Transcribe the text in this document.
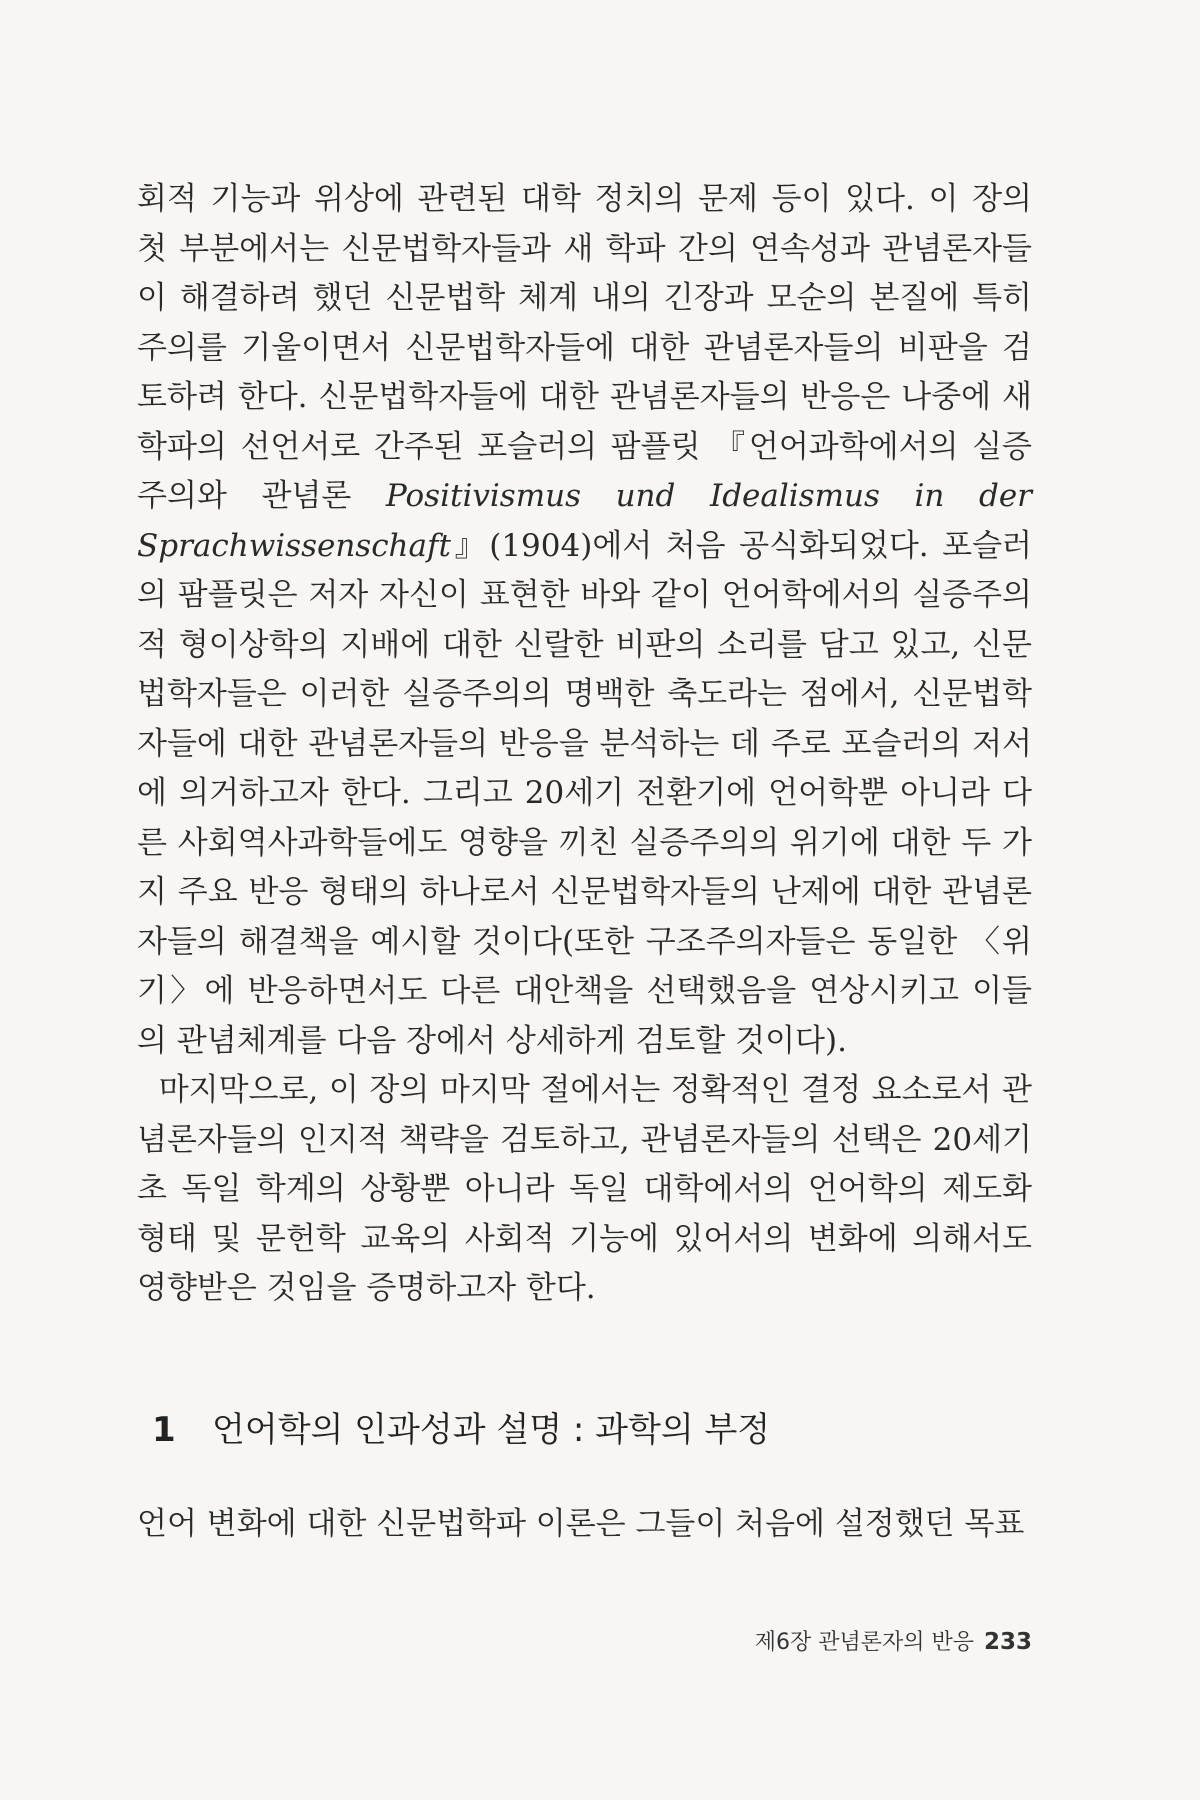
회적 기능과 위상에 관련된 대학 정치의 문제 등이 있다. 이 장의 첫 부분에서는 신문법학자들과 새 학파 간의 연속성과 관념론자들이 해결하려 했던 신문법학 체계 내의 긴장과 모순의 본질에 특히 주의를 기울이면서 신문법학자들에 대한 관념론자들의 비판을 검토하려 한다. 신문법학자들에 대한 관념론자들의 반응은 나중에 새 학파의 선언서로 간주된 포슬러의 팜플릿 『언어과학에서의 실증주의와 관념론 Positivismus und Idealismus in der Sprachwissenschaft』(1904)에서 처음 공식화되었다. 포슬러의 팜플릿은 저자 자신이 표현한 바와 같이 언어학에서의 실증주의적 형이상학의 지배에 대한 신랄한 비판의 소리를 담고 있고, 신문법학자들은 이러한 실증주의의 명백한 축도라는 점에서, 신문법학자들에 대한 관념론자들의 반응을 분석하는 데 주로 포슬러의 저서에 의거하고자 한다. 그리고 20세기 전환기에 언어학뿐 아니라 다른 사회역사과학들에도 영향을 끼친 실증주의의 위기에 대한 두 가지 주요 반응 형태의 하나로서 신문법학자들의 난제에 대한 관념론자들의 해결책을 예시할 것이다(또한 구조주의자들은 동일한 〈위기〉에 반응하면서도 다른 대안책을 선택했음을 연상시키고 이들의 관념체계를 다음 장에서 상세하게 검토할 것이다).

마지막으로, 이 장의 마지막 절에서는 정확적인 결정 요소로서 관념론자들의 인지적 책략을 검토하고, 관념론자들의 선택은 20세기 초 독일 학계의 상황뿐 아니라 독일 대학에서의 언어학의 제도화 형태 및 문헌학 교육의 사회적 기능에 있어서의 변화에 의해서도 영향받은 것임을 증명하고자 한다.

1 언어학의 인과성과 설명 : 과학의 부정
언어 변화에 대한 신문법학파 이론은 그들이 처음에 설정했던 목표
제6장 관념론자의 반응 233
